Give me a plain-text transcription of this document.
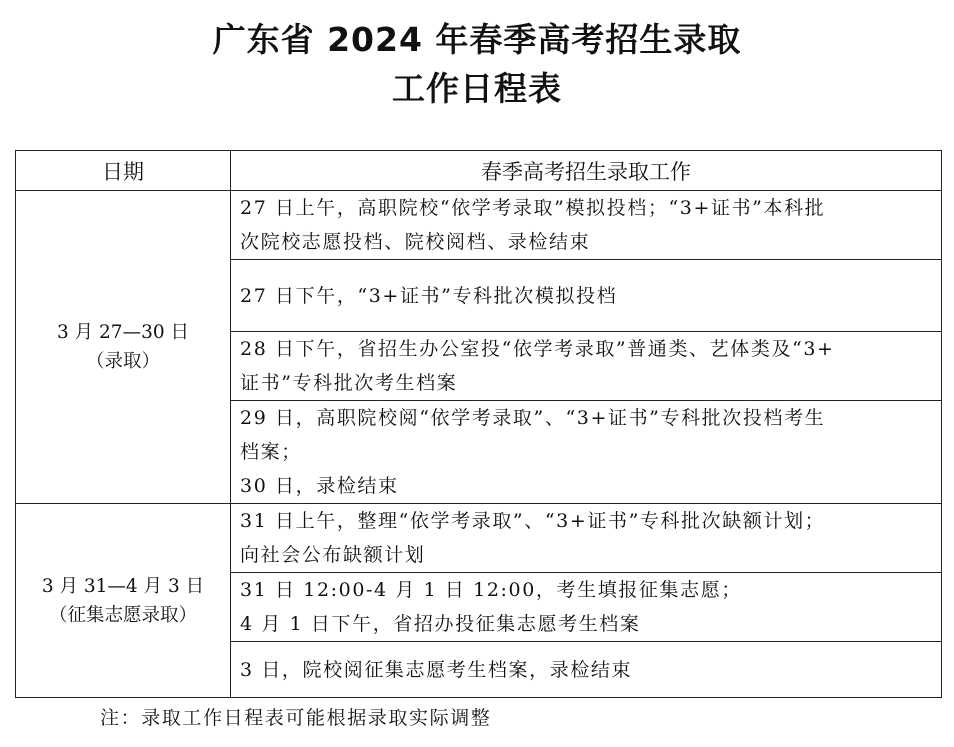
广东省 2024 年春季高考招生录取
工作日程表
日期	春季高考招生录取工作

3 月 27—30 日
（录取）	27 日上午，高职院校“依学考录取”模拟投档；“3+证书”本科批
次院校志愿投档、院校阅档、录检结束

	27 日下午，“3+证书”专科批次模拟投档

	28 日下午，省招生办公室投“依学考录取”普通类、艺体类及“3+
证书”专科批次考生档案

	29 日，高职院校阅“依学考录取”、“3+证书”专科批次投档考生
档案；
30 日，录检结束

3 月 31—4 月 3 日
（征集志愿录取）	31 日上午，整理“依学考录取”、“3+证书”专科批次缺额计划；
向社会公布缺额计划

	31 日 12:00-4 月 1 日 12:00，考生填报征集志愿；
4 月 1 日下午，省招办投征集志愿考生档案

	3 日，院校阅征集志愿考生档案，录检结束
注：录取工作日程表可能根据录取实际调整
